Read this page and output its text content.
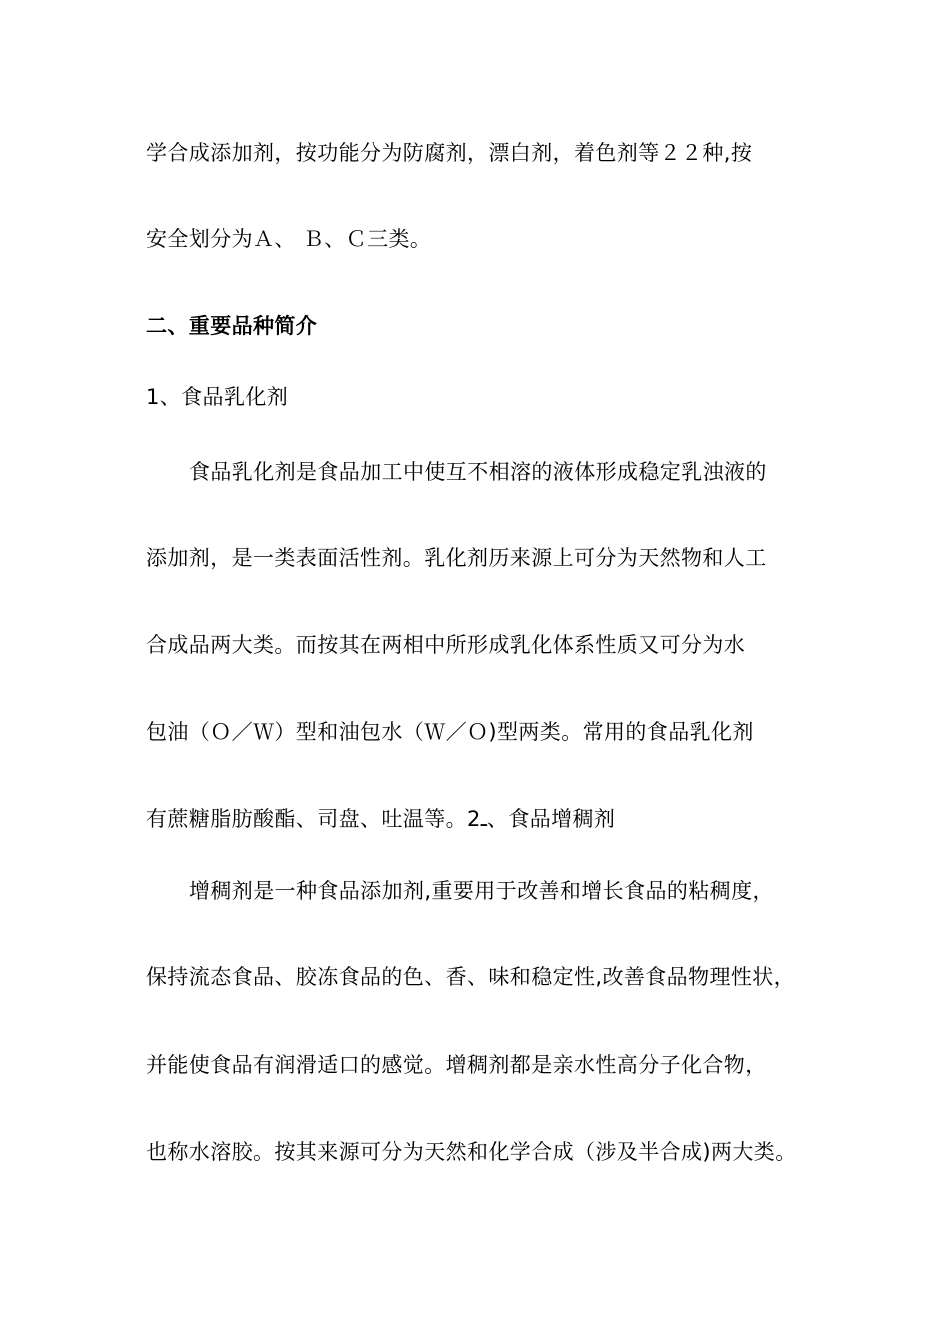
学合成添加剂，按功能分为防腐剂，漂白剂，着色剂等２２种,按
安全划分为Ａ、 Ｂ、Ｃ三类。
二、重要品种简介
1、食品乳化剂
食品乳化剂是食品加工中使互不相溶的液体形成稳定乳浊液的
添加剂，是一类表面活性剂。乳化剂历来源上可分为天然物和人工
合成品两大类。而按其在两相中所形成乳化体系性质又可分为水
包油（Ｏ／Ｗ）型和油包水（Ｗ／Ｏ)型两类。常用的食品乳化剂
有蔗糖脂肪酸酯、司盘、吐温等。2ـ、食品增稠剂
增稠剂是一种食品添加剂,重要用于改善和增长食品的粘稠度，
保持流态食品、胶冻食品的色、香、味和稳定性,改善食品物理性状，
并能使食品有润滑适口的感觉。增稠剂都是亲水性高分子化合物，
也称水溶胶。按其来源可分为天然和化学合成（涉及半合成)两大类。
